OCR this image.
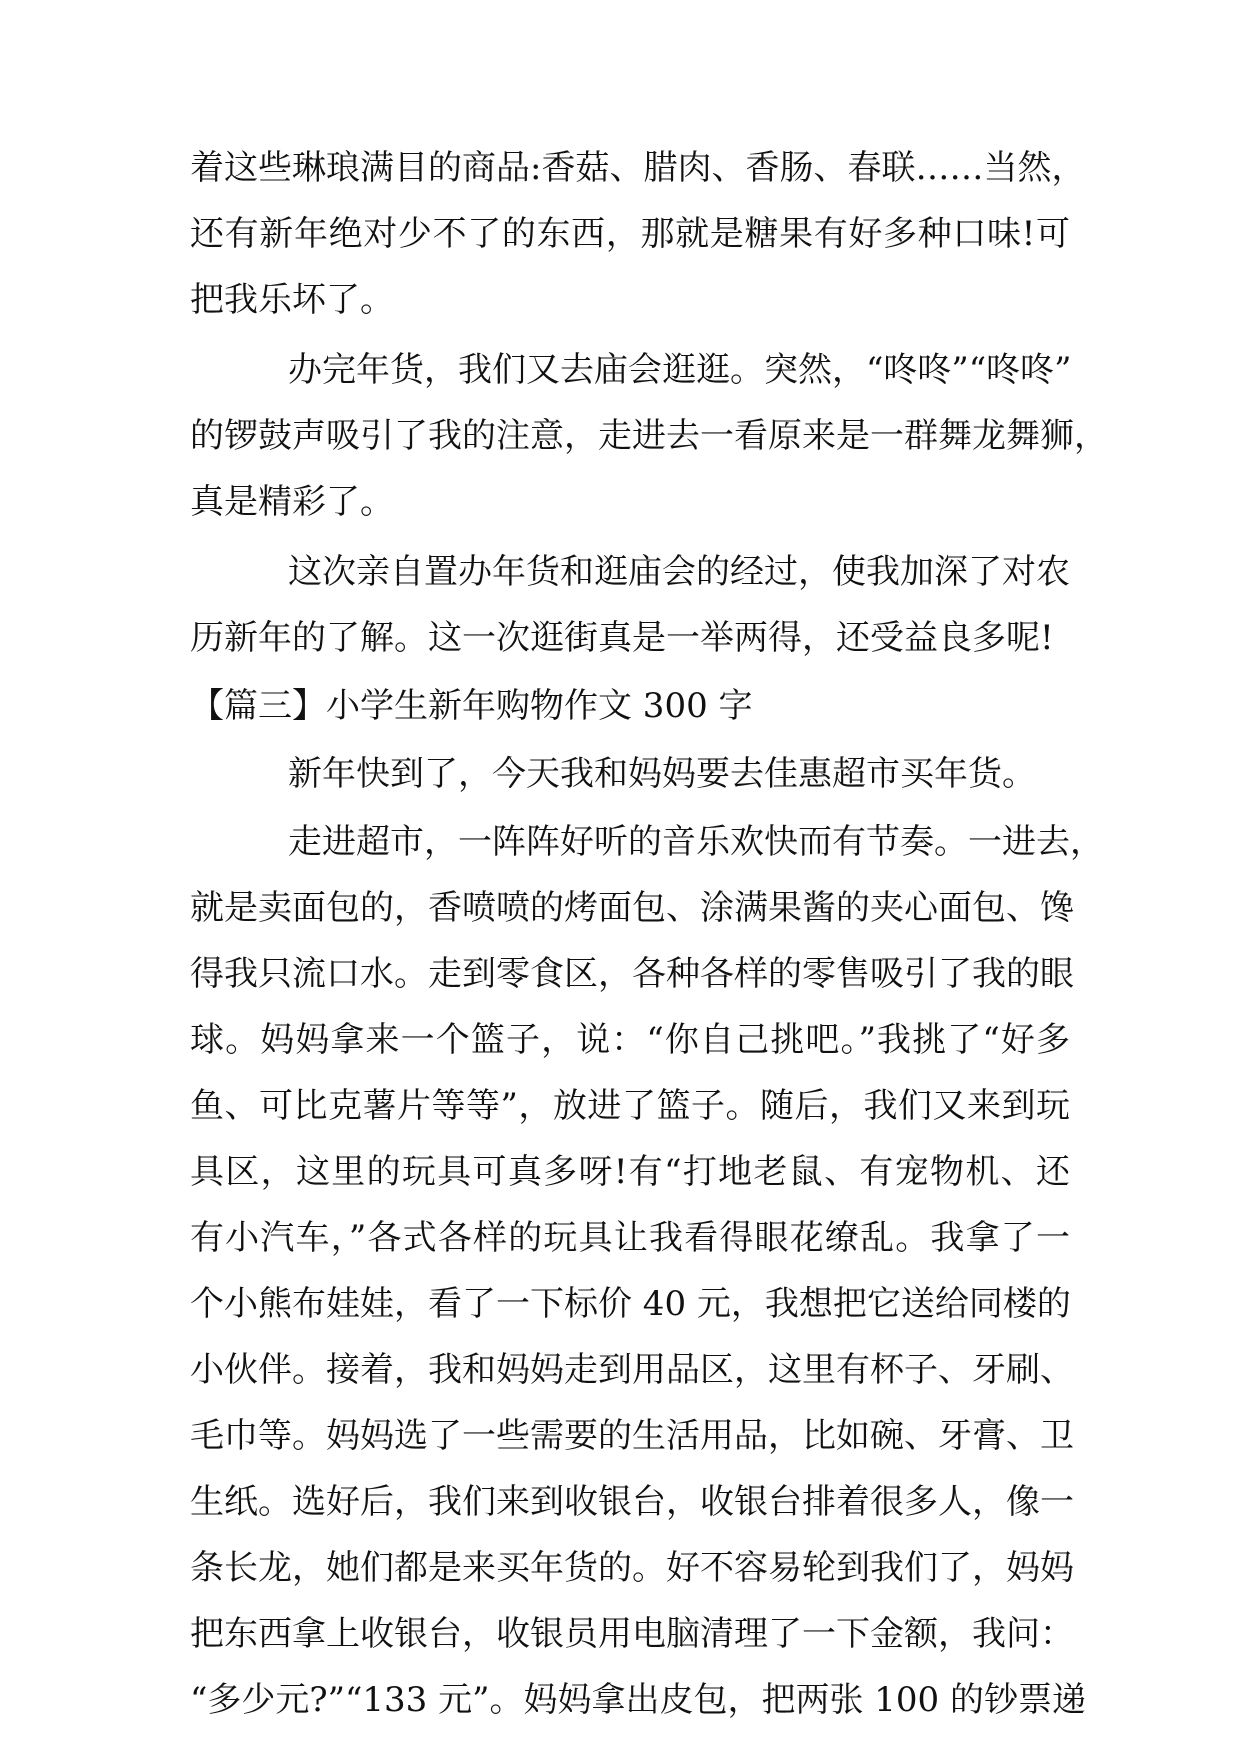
着这些琳琅满目的商品:香菇、腊肉、香肠、春联……当然，
还有新年绝对少不了的东西，那就是糖果有好多种口味!可
把我乐坏了。
办完年货，我们又去庙会逛逛。突然，“咚咚”“咚咚”
的锣鼓声吸引了我的注意，走进去一看原来是一群舞龙舞狮，
真是精彩了。
这次亲自置办年货和逛庙会的经过，使我加深了对农
历新年的了解。这一次逛街真是一举两得，还受益良多呢!
【篇三】小学生新年购物作文 300 字
新年快到了，今天我和妈妈要去佳惠超市买年货。
走进超市，一阵阵好听的音乐欢快而有节奏。一进去，
就是卖面包的，香喷喷的烤面包、涂满果酱的夹心面包、馋
得我只流口水。走到零食区，各种各样的零售吸引了我的眼
球。妈妈拿来一个篮子，说：“你自己挑吧。”我挑了“好多
鱼、可比克薯片等等”，放进了篮子。随后，我们又来到玩
具区，这里的玩具可真多呀!有“打地老鼠、有宠物机、还
有小汽车，”各式各样的玩具让我看得眼花缭乱。我拿了一
个小熊布娃娃，看了一下标价 40 元，我想把它送给同楼的
小伙伴。接着，我和妈妈走到用品区，这里有杯子、牙刷、
毛巾等。妈妈选了一些需要的生活用品，比如碗、牙膏、卫
生纸。选好后，我们来到收银台，收银台排着很多人，像一
条长龙，她们都是来买年货的。好不容易轮到我们了，妈妈
把东西拿上收银台，收银员用电脑清理了一下金额，我问：
“多少元?”“133 元”。妈妈拿出皮包，把两张 100 的钞票递
